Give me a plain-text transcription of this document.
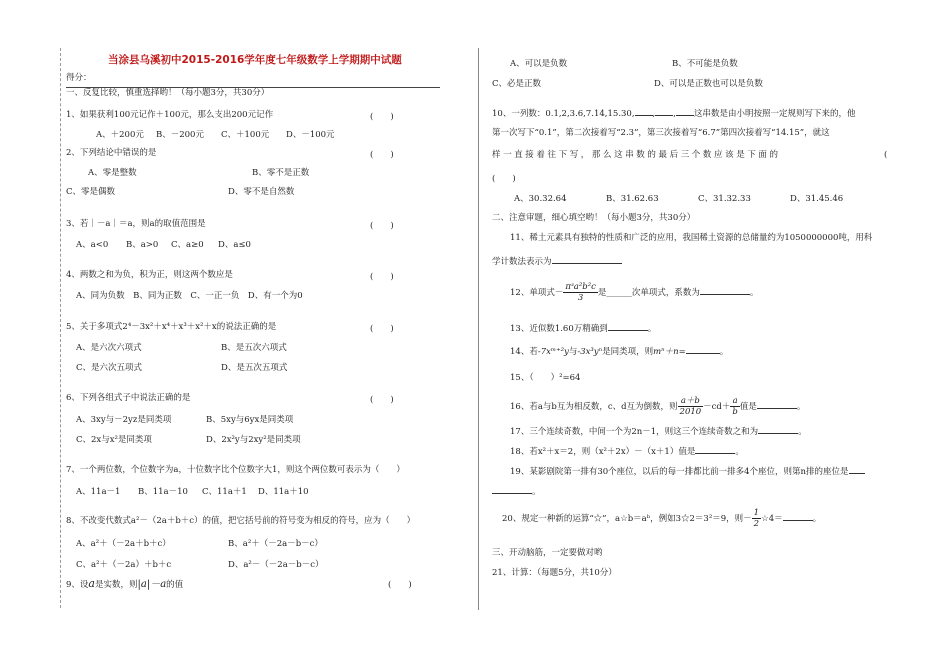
当涂县乌溪初中2015-2016学年度七年级数学上学期期中试题
得分：
一、反复比较，慎重选择哟！（每小题3分，共30分）
1、如果获利100元记作＋100元，那么支出200元记作	(　　)
A、＋200元 B、－200元 C、＋100元 D、－100元
2、下列结论中错误的是	(　　)
A、零是整数	B、零不是正数
C、零是偶数	D、零不是自然数
3、若｜－a｜＝a，则a的取值范围是	(　　)
A、a<0 B、a>0 C、a≥0 D、a≤0
4、两数之和为负，积为正，则这两个数应是	(　　)
A、同为负数　B、同为正数　C、一正一负　D、有一个为0
5、关于多项式2⁴－3x²＋x⁴＋x³＋x²＋x的说法正确的是	(　　)
A、是六次六项式	B、是五次六项式
C、是六次五项式	D、是五次五项式
6、下列各组式子中说法正确的是	(　　)
A、3xy与－2yz是同类项	B、5xy与6yx是同类项
C、2x与x²是同类项	D、2x²y与2xy²是同类项
7、一个两位数，个位数字为a，十位数字比个位数字大1，则这个两位数可表示为（　　）
A、11a－1 B、11a－10 C、11a＋1 D、11a＋10
8、不改变代数式a²－（2a＋b＋c）的值，把它括号前的符号变为相反的符号，应为（　　）
A、a²＋（－2a＋b＋c）	B、a²＋（－2a－b－c）
C、a²＋（－2a）＋b＋c	D、a²－（－2a－b－c）
9、设a是实数，则|a|－a的值	(　　)
A、可以是负数	B、不可能是负数
C、必是正数	D、可以是正数也可以是负数
10、一列数：0.1,2,3.6,7.14,15.30, , , 这串数是由小明按照一定规则写下来的，他
第一次写下“0.1”，第二次接着写“2.3”，第三次接着写“6.7”第四次接着写“14.15”，就这
样一直接着往下写，那么这串数的最后三个数应该是下面的	(
(　　)
A、30.32.64	B、31.62.63	C、31.32.33	D、31.45.46
二、注意审题，细心填空哟！（每小题3分，共30分）
11、稀土元素具有独特的性质和广泛的应用，我国稀土资源的总储量约为1050000000吨，用科
学计数法表示为
12、单项式－ $\frac{\text{πᵌa²b²c}}{3}$ 是______次单项式，系数为	。
13、近似数1.60万精确到	。
14、若-7xᵐ⁺²y与-3x³yⁿ是同类项，则mⁿ＋n=	。
15、（　　）²=64
16、若a与b互为相反数，c、d互为倒数，则 $\frac{a+b}{2010} -cd+ \frac{a}{b}$ 值是	。
17、三个连续奇数，中间一个为2n－1，则这三个连续奇数之和为	。
18、若x²＋x＝2，则（x²＋2x）－（x＋1）值是	。
19、某影剧院第一排有30个座位，以后的每一排都比前一排多4个座位，则第n排的座位是
。
20、规定一种新的运算“☆”，a☆b＝aᵇ，例如3☆2＝3²＝9，则－ $\frac{1}{2}$ ☆4＝	。
三、开动脑筋，一定要做对哟
21、计算：（每题5分，共10分）
